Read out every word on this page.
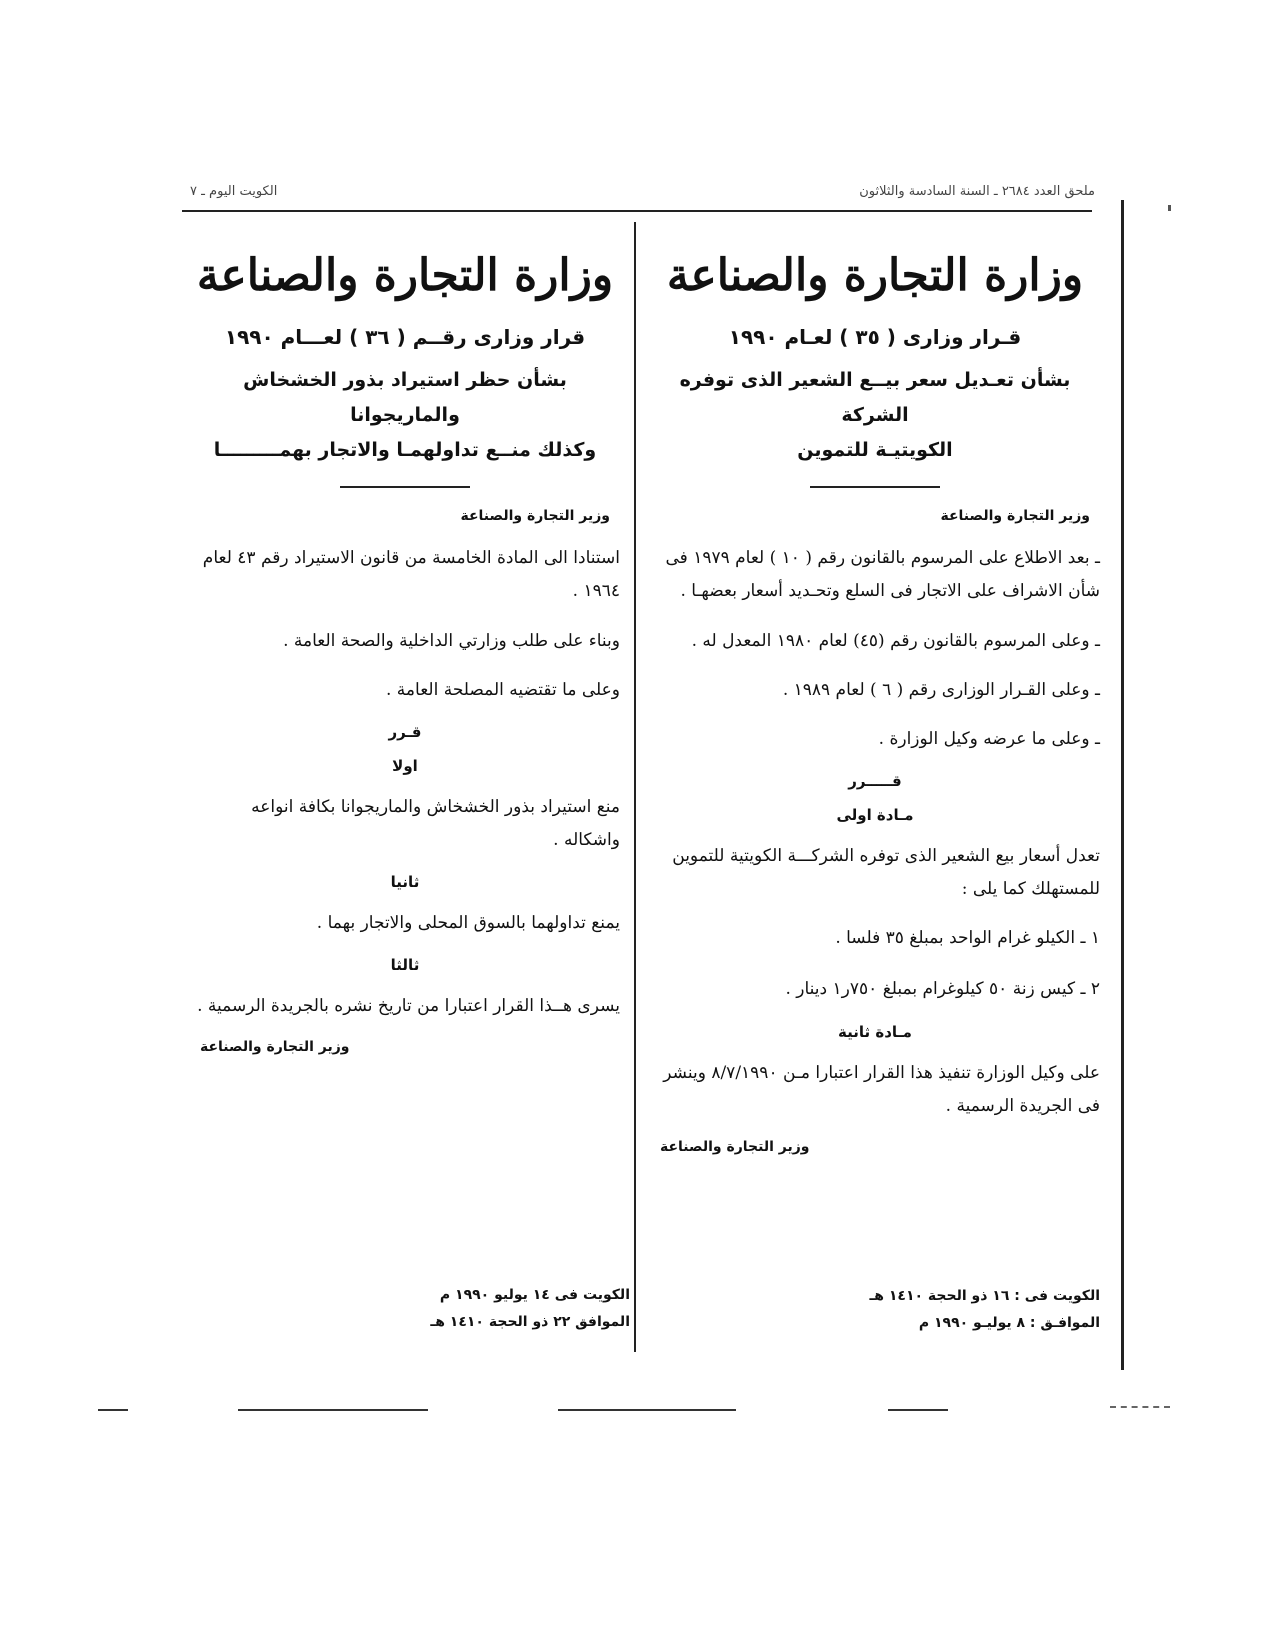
ملحق العدد ٢٦٨٤ ـ السنة السادسة والثلاثون
الكويت اليوم ـ ٧
وزارة التجارة والصناعة
قـرار وزارى ( ٣٥ ) لعـام ١٩٩٠
بشأن تعـديل سعر بيــع الشعير الذى توفره الشركة
الكويتيـة للتموين
وزير التجارة والصناعة

ـ بعد الاطلاع على المرسوم بالقانون رقم ( ١٠ ) لعام ١٩٧٩ فى شأن الاشراف على الاتجار فى السلع وتحـديد أسعار بعضهـا .

ـ وعلى المرسوم بالقانون رقم (٤٥) لعام ١٩٨٠ المعدل له .

ـ وعلى القـرار الوزارى رقم ( ٦ ) لعام ١٩٨٩ .

ـ وعلى ما عرضه وكيل الوزارة .

قـــــرر
مـادة اولى

تعدل أسعار بيع الشعير الذى توفره الشركـــة الكويتية للتموين للمستهلك كما يلى :

١ ـ الكيلو غرام الواحد بمبلغ ٣٥ فلسا .

٢ ـ كيس زنة ٥٠ كيلوغرام بمبلغ ٧٥٠ر١ دينار .

مـادة ثانية

على وكيل الوزارة تنفيذ هذا القرار اعتبارا مـن ٨/٧/١٩٩٠ وينشر فى الجريدة الرسمية .

وزير التجارة والصناعة

الكويت فى : ١٦ ذو الحجة ١٤١٠ هـ

الموافـق : ٨ يوليـو ١٩٩٠ م

وزارة التجارة والصناعة
قرار وزارى رقــم ( ٣٦ ) لعـــام ١٩٩٠
بشأن حظر استيراد بذور الخشخاش والماريجوانا
وكذلك منــع تداولهمـا والاتجار بهمـــــــــا
وزير التجارة والصناعة

استنادا الى المادة الخامسة من قانون الاستيراد رقم ٤٣ لعام ١٩٦٤ .

وبناء على طلب وزارتي الداخلية والصحة العامة .

وعلى ما تقتضيه المصلحة العامة .

قـرر
اولا

منع استيراد بذور الخشخاش والماريجوانا بكافة انواعه واشكاله .

ثانيا

يمنع تداولهما بالسوق المحلى والاتجار بهما .

ثالثا

يسرى هــذا القرار اعتبارا من تاريخ نشره بالجريدة الرسمية .

وزير التجارة والصناعة

الكويت فى ١٤ يوليو ١٩٩٠ م

الموافق ٢٢ ذو الحجة ١٤١٠ هـ
